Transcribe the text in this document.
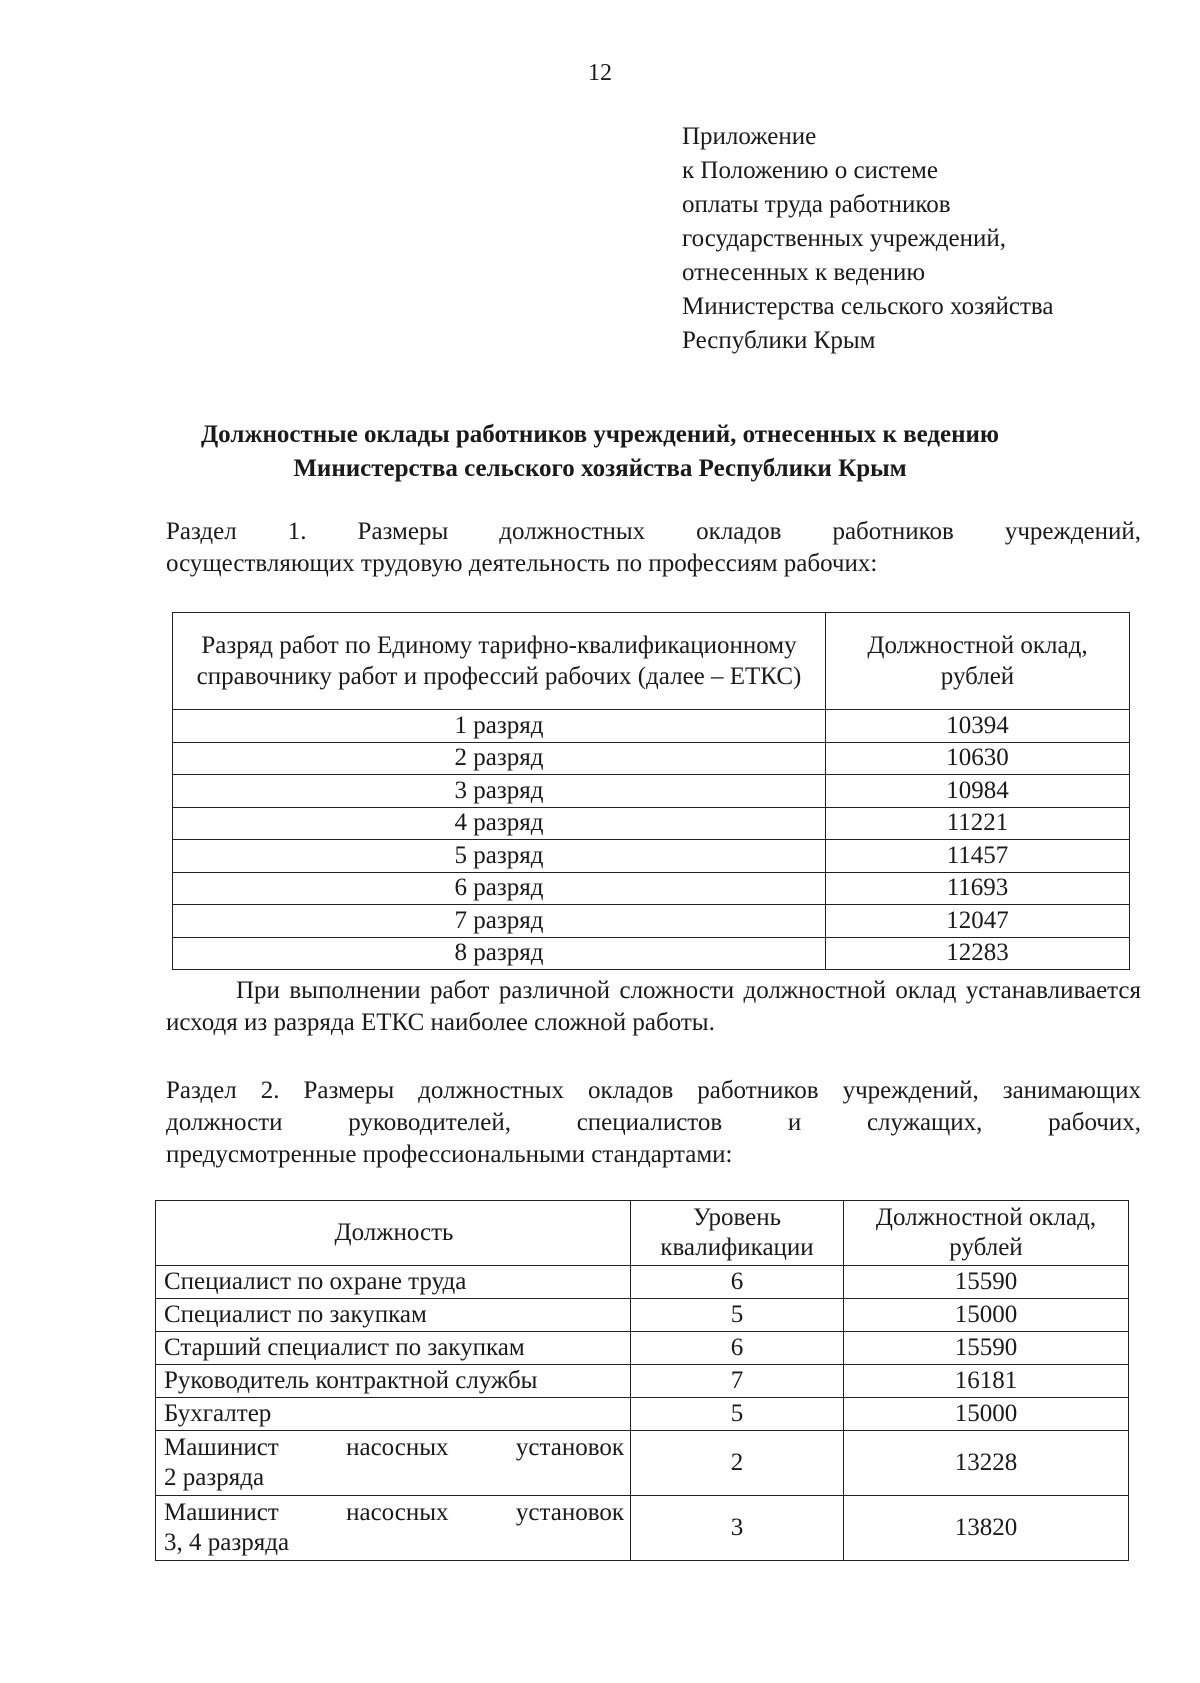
12
Приложение
к Положению о системе
оплаты труда работников
государственных учреждений,
отнесенных к ведению
Министерства сельского хозяйства
Республики Крым
Должностные оклады работников учреждений, отнесенных к ведению
Министерства сельского хозяйства Республики Крым
Раздел 1. Размеры должностных окладов работников учреждений,
осуществляющих трудовую деятельность по профессиям рабочих:
Разряд работ по Единому тарифно-квалификационному справочнику работ и профессий рабочих (далее – ЕТКС)	Должностной оклад, рублей
1 разряд	10394
2 разряд	10630
3 разряд	10984
4 разряд	11221
5 разряд	11457
6 разряд	11693
7 разряд	12047
8 разряд	12283
При выполнении работ различной сложности должностной оклад устанавливается исходя из разряда ЕТКС наиболее сложной работы.
Раздел 2. Размеры должностных окладов работников учреждений, занимающих
должности руководителей, специалистов и служащих, рабочих,
предусмотренные профессиональными стандартами:
Должность	Уровень квалификации	Должностной оклад, рублей
Специалист по охране труда	6	15590
Специалист по закупкам	5	15000
Старший специалист по закупкам	6	15590
Руководитель контрактной службы	7	16181
Бухгалтер	5	15000

Машинист насосных установок
2 разряда	2	13228

Машинист насосных установок
3, 4 разряда	3	13820
